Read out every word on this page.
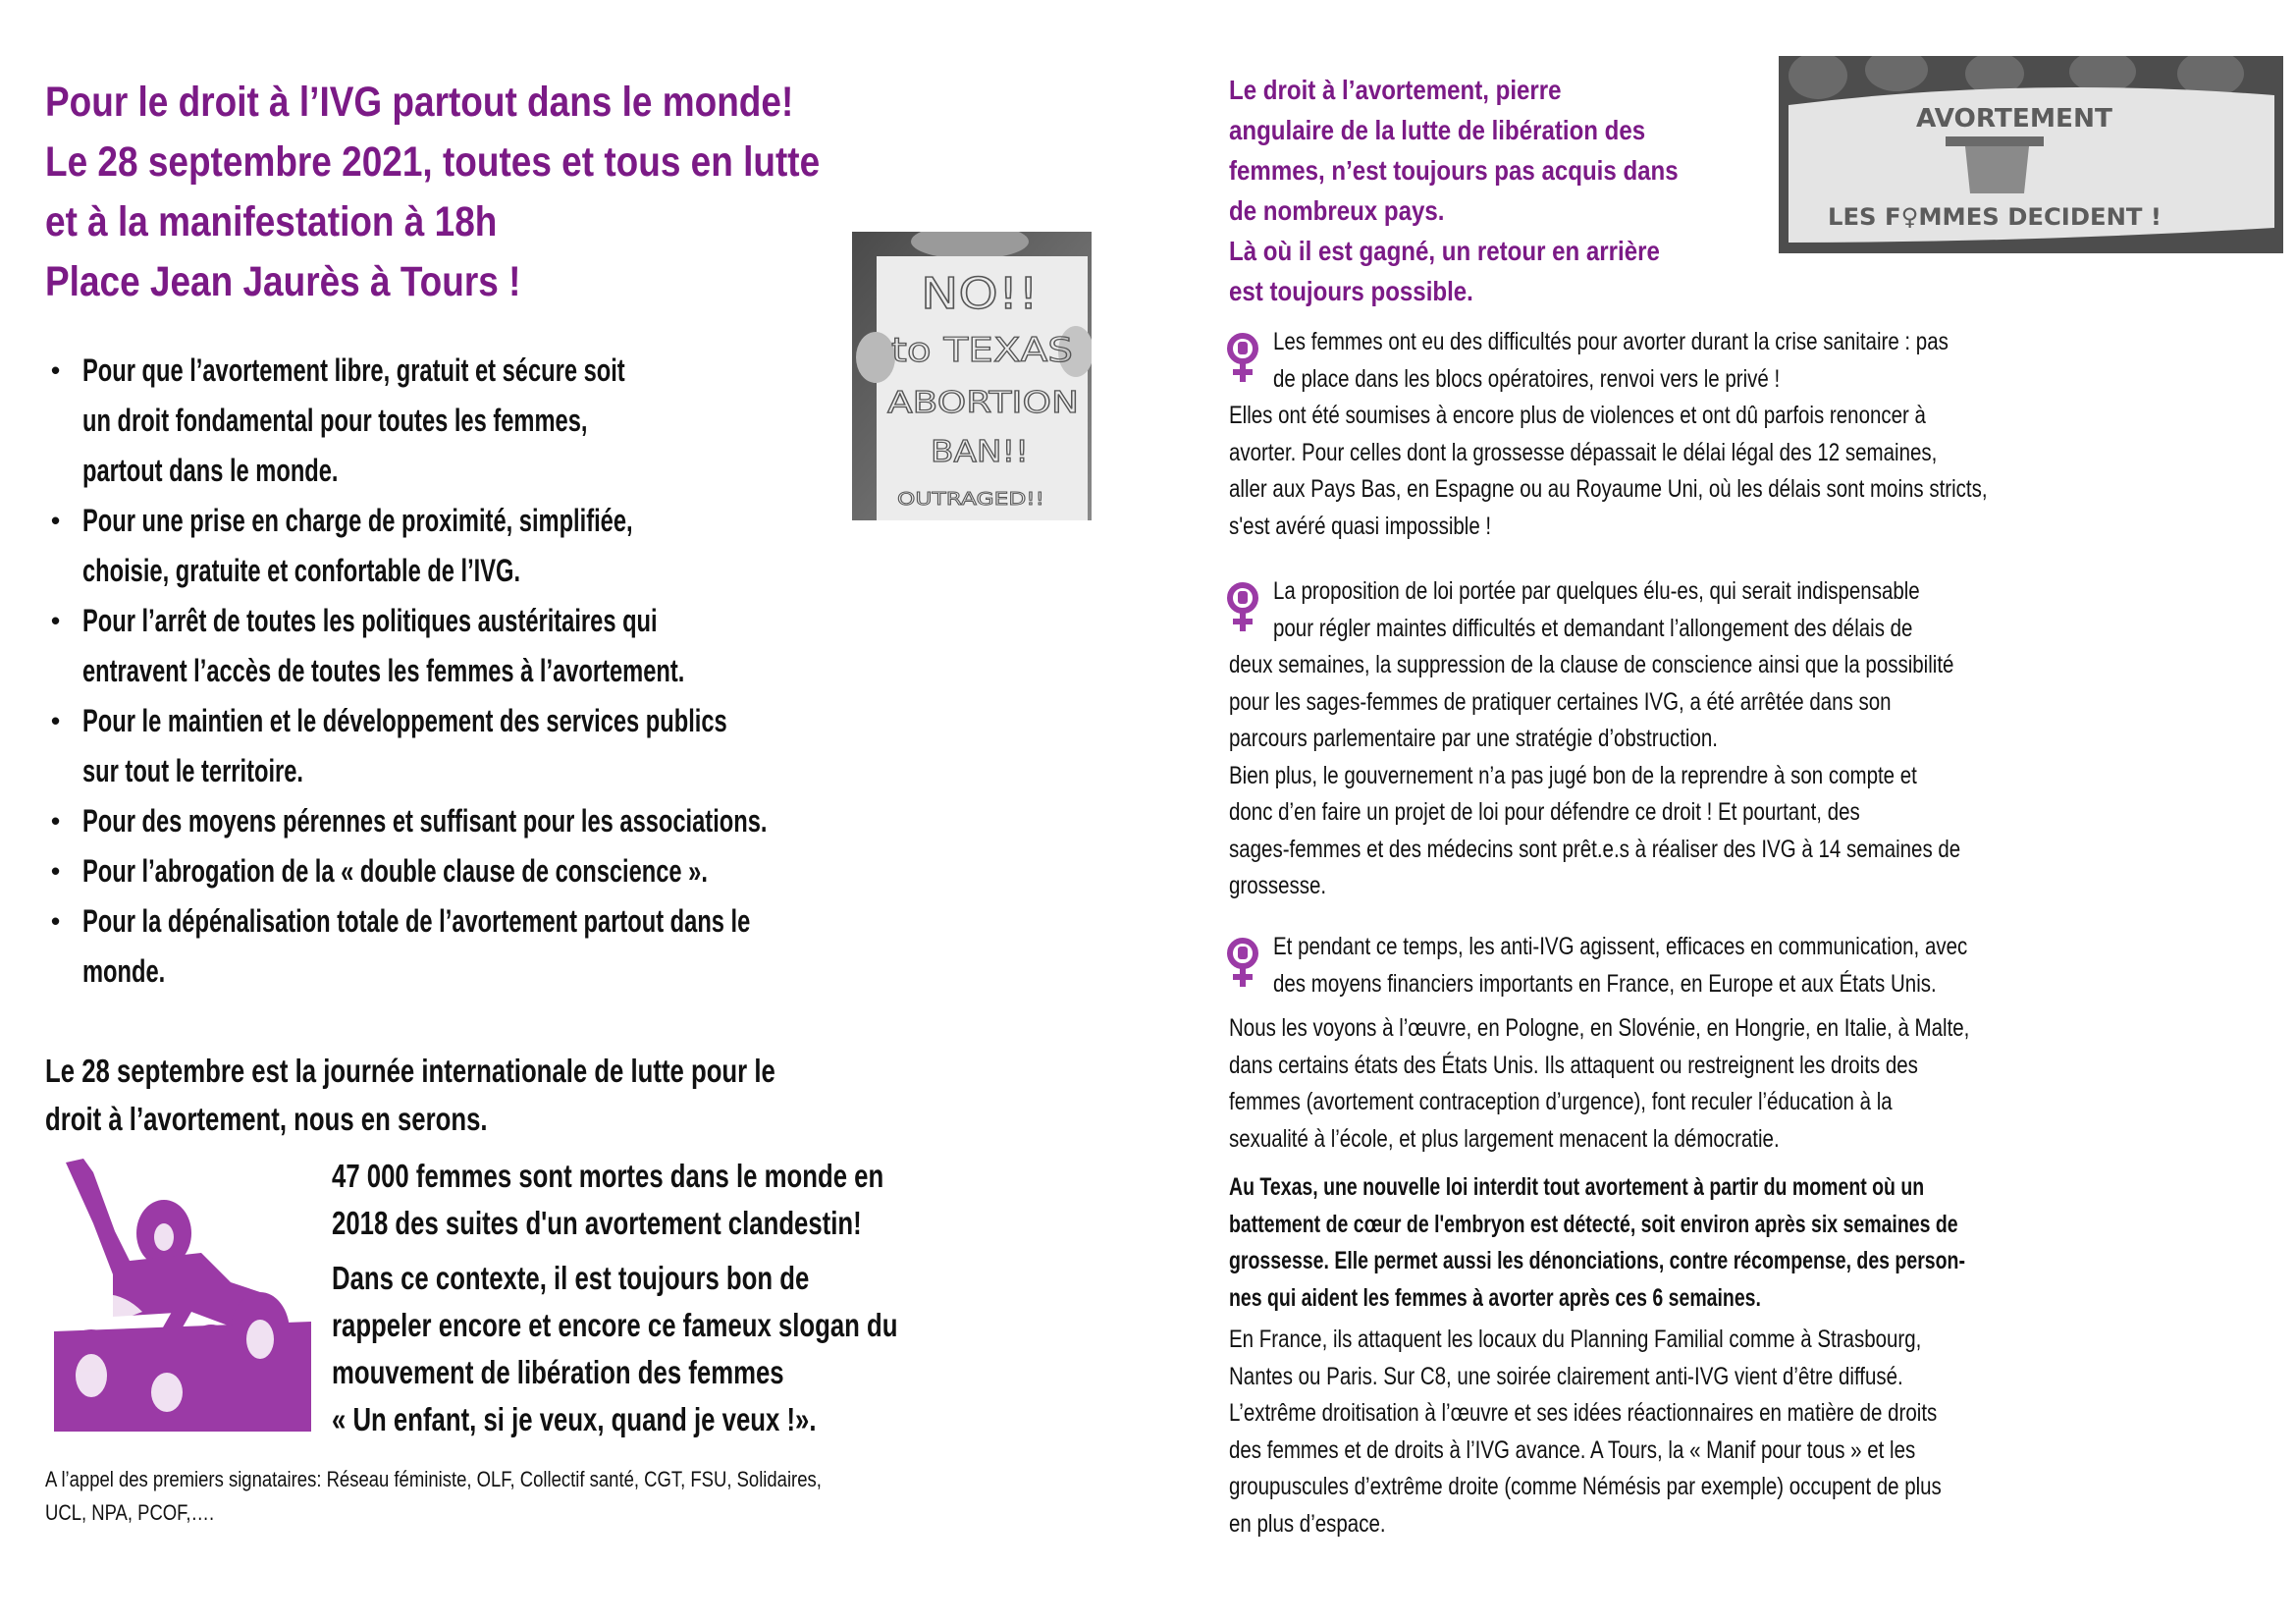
Pour le droit à l’IVG partout dans le monde!
Le 28 septembre 2021, toutes et tous en lutte
et à la manifestation à 18h
Place Jean Jaurès à Tours !	NO!!
to TEXAS
ABORTION
BAN!!
OUTRAGED!!
• Pour que l’avortement libre, gratuit et sécure soit
un droit fondamental pour toutes les femmes,
partout dans le monde.
• Pour une prise en charge de proximité, simplifiée,
choisie, gratuite et confortable de l’IVG.
• Pour l’arrêt de toutes les politiques austéritaires qui
entravent l’accès de toutes les femmes à l’avortement.
• Pour le maintien et le développement des services publics
sur tout le territoire.
• Pour des moyens pérennes et suffisant pour les associations.
• Pour l’abrogation de la « double clause de conscience ».
• Pour la dépénalisation totale de l’avortement partout dans le
monde.
Le 28 septembre est la journée internationale de lutte pour le
droit à l’avortement, nous en serons.

47 000 femmes sont mortes dans le monde en
2018 des suites d'un avortement clandestin!

Dans ce contexte, il est toujours bon de
rappeler encore et encore ce fameux slogan du
mouvement de libération des femmes
« Un enfant, si je veux, quand je veux !».

A l’appel des premiers signataires: Réseau féministe, OLF, Collectif santé, CGT, FSU, Solidaires,
UCL, NPA, PCOF,….
Le droit à l’avortement, pierre
angulaire de la lutte de libération des
femmes, n’est toujours pas acquis dans
de nombreux pays.
Là où il est gagné, un retour en arrière
est toujours possible.
AVORTEMENT
LES F♀MMES DECIDENT !

Les femmes ont eu des difficultés pour avorter durant la crise sanitaire : pas

de place dans les blocs opératoires, renvoi vers le privé !

Elles ont été soumises à encore plus de violences et ont dû parfois renoncer à

avorter. Pour celles dont la grossesse dépassait le délai légal des 12 semaines,

aller aux Pays Bas, en Espagne ou au Royaume Uni, où les délais sont moins stricts,

s'est avéré quasi impossible !

La proposition de loi portée par quelques élu-es, qui serait indispensable

pour régler maintes difficultés et demandant l’allongement des délais de

deux semaines, la suppression de la clause de conscience ainsi que la possibilité

pour les sages-femmes de pratiquer certaines IVG, a été arrêtée dans son

parcours parlementaire par une stratégie d’obstruction.

Bien plus, le gouvernement n’a pas jugé bon de la reprendre à son compte et

donc d’en faire un projet de loi pour défendre ce droit ! Et pourtant, des

sages-femmes et des médecins sont prêt.e.s à réaliser des IVG à 14 semaines de

grossesse.

Et pendant ce temps, les anti-IVG agissent, efficaces en communication, avec

des moyens financiers importants en France, en Europe et aux États Unis.

Nous les voyons à l’œuvre, en Pologne, en Slovénie, en Hongrie, en Italie, à Malte,

dans certains états des États Unis. Ils attaquent ou restreignent les droits des

femmes (avortement contraception d’urgence), font reculer l’éducation à la

sexualité à l’école, et plus largement menacent la démocratie.

Au Texas, une nouvelle loi interdit tout avortement à partir du moment où un

battement de cœur de l'embryon est détecté, soit environ après six semaines de

grossesse. Elle permet aussi les dénonciations, contre récompense, des person-

nes qui aident les femmes à avorter après ces 6 semaines.

En France, ils attaquent les locaux du Planning Familial comme à Strasbourg,

Nantes ou Paris. Sur C8, une soirée clairement anti-IVG vient d’être diffusé.

L’extrême droitisation à l’œuvre et ses idées réactionnaires en matière de droits

des femmes et de droits à l’IVG avance. A Tours, la « Manif pour tous » et les

groupuscules d’extrême droite (comme Némésis par exemple) occupent de plus

en plus d’espace.
